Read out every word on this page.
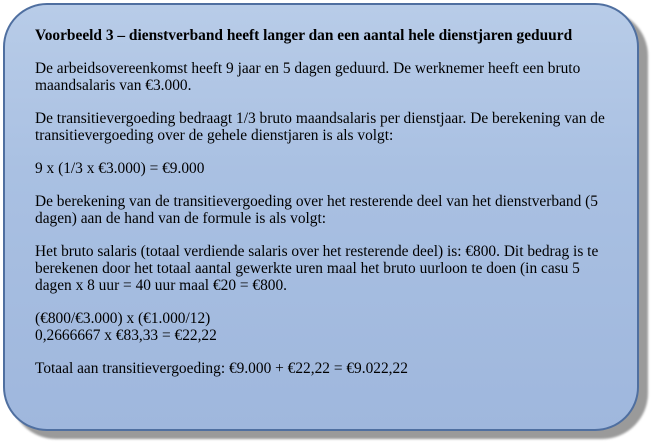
Voorbeeld 3 – dienstverband heeft langer dan een aantal hele dienstjaren geduurd

De arbeidsovereenkomst heeft 9 jaar en 5 dagen geduurd. De werknemer heeft een bruto maandsalaris van €3.000.

De transitievergoeding bedraagt 1/3 bruto maandsalaris per dienstjaar. De berekening van de transitievergoeding over de gehele dienstjaren is als volgt:

9 x (1/3 x €3.000) = €9.000

De berekening van de transitievergoeding over het resterende deel van het dienstverband (5 dagen) aan de hand van de formule is als volgt:

Het bruto salaris (totaal verdiende salaris over het resterende deel) is: €800. Dit bedrag is te berekenen door het totaal aantal gewerkte uren maal het bruto uurloon te doen (in casu 5 dagen x 8 uur = 40 uur maal €20 = €800.

(€800/€3.000) x (€1.000/12)
0,2666667 x €83,33 = €22,22

Totaal aan transitievergoeding: €9.000 + €22,22 = €9.022,22
